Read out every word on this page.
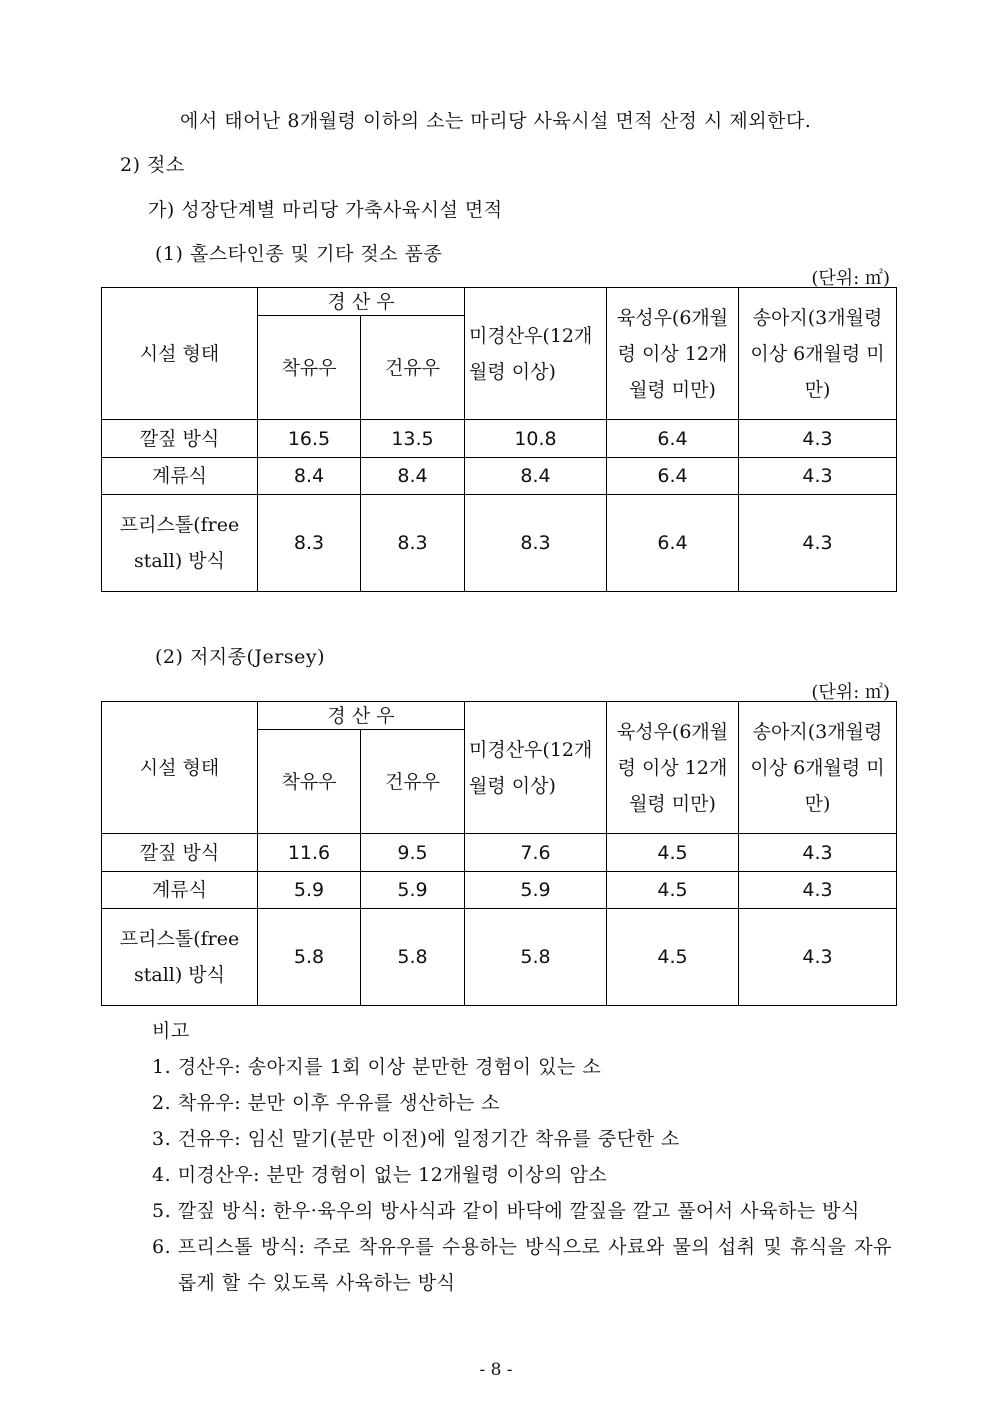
에서 태어난 8개월령 이하의 소는 마리당 사육시설 면적 산정 시 제외한다.
2) 젖소
가) 성장단계별 마리당 가축사육시설 면적
(1) 홀스타인종 및 기타 젖소 품종
(단위: ㎡)
시설 형태	경 산 우		미경산우(12개월령 이상)	육성우(6개월령 이상 12개월령 미만)	송아지(3개월령 이상 6개월령 미만)
	착유우	건유우			
깔짚 방식	16.5	13.5	10.8	6.4	4.3
계류식	8.4	8.4	8.4	6.4	4.3
프리스톨(free stall) 방식	8.3	8.3	8.3	6.4	4.3
(2) 저지종(Jersey)
(단위: ㎡)
시설 형태	경 산 우		미경산우(12개월령 이상)	육성우(6개월령 이상 12개월령 미만)	송아지(3개월령 이상 6개월령 미만)
	착유우	건유우			
깔짚 방식	11.6	9.5	7.6	4.5	4.3
계류식	5.9	5.9	5.9	4.5	4.3
프리스톨(free stall) 방식	5.8	5.8	5.8	4.5	4.3
비고
1.
경산우: 송아지를 1회 이상 분만한 경험이 있는 소
2.
착유우: 분만 이후 우유를 생산하는 소
3.
건유우: 임신 말기(분만 이전)에 일정기간 착유를 중단한 소
4.
미경산우: 분만 경험이 없는 12개월령 이상의 암소
5.
깔짚 방식: 한우·육우의 방사식과 같이 바닥에 깔짚을 깔고 풀어서 사육하는 방식
6.
프리스톨 방식: 주로 착유우를 수용하는 방식으로 사료와 물의 섭취 및 휴식을 자유롭게 할 수 있도록 사육하는 방식
- 8 -
